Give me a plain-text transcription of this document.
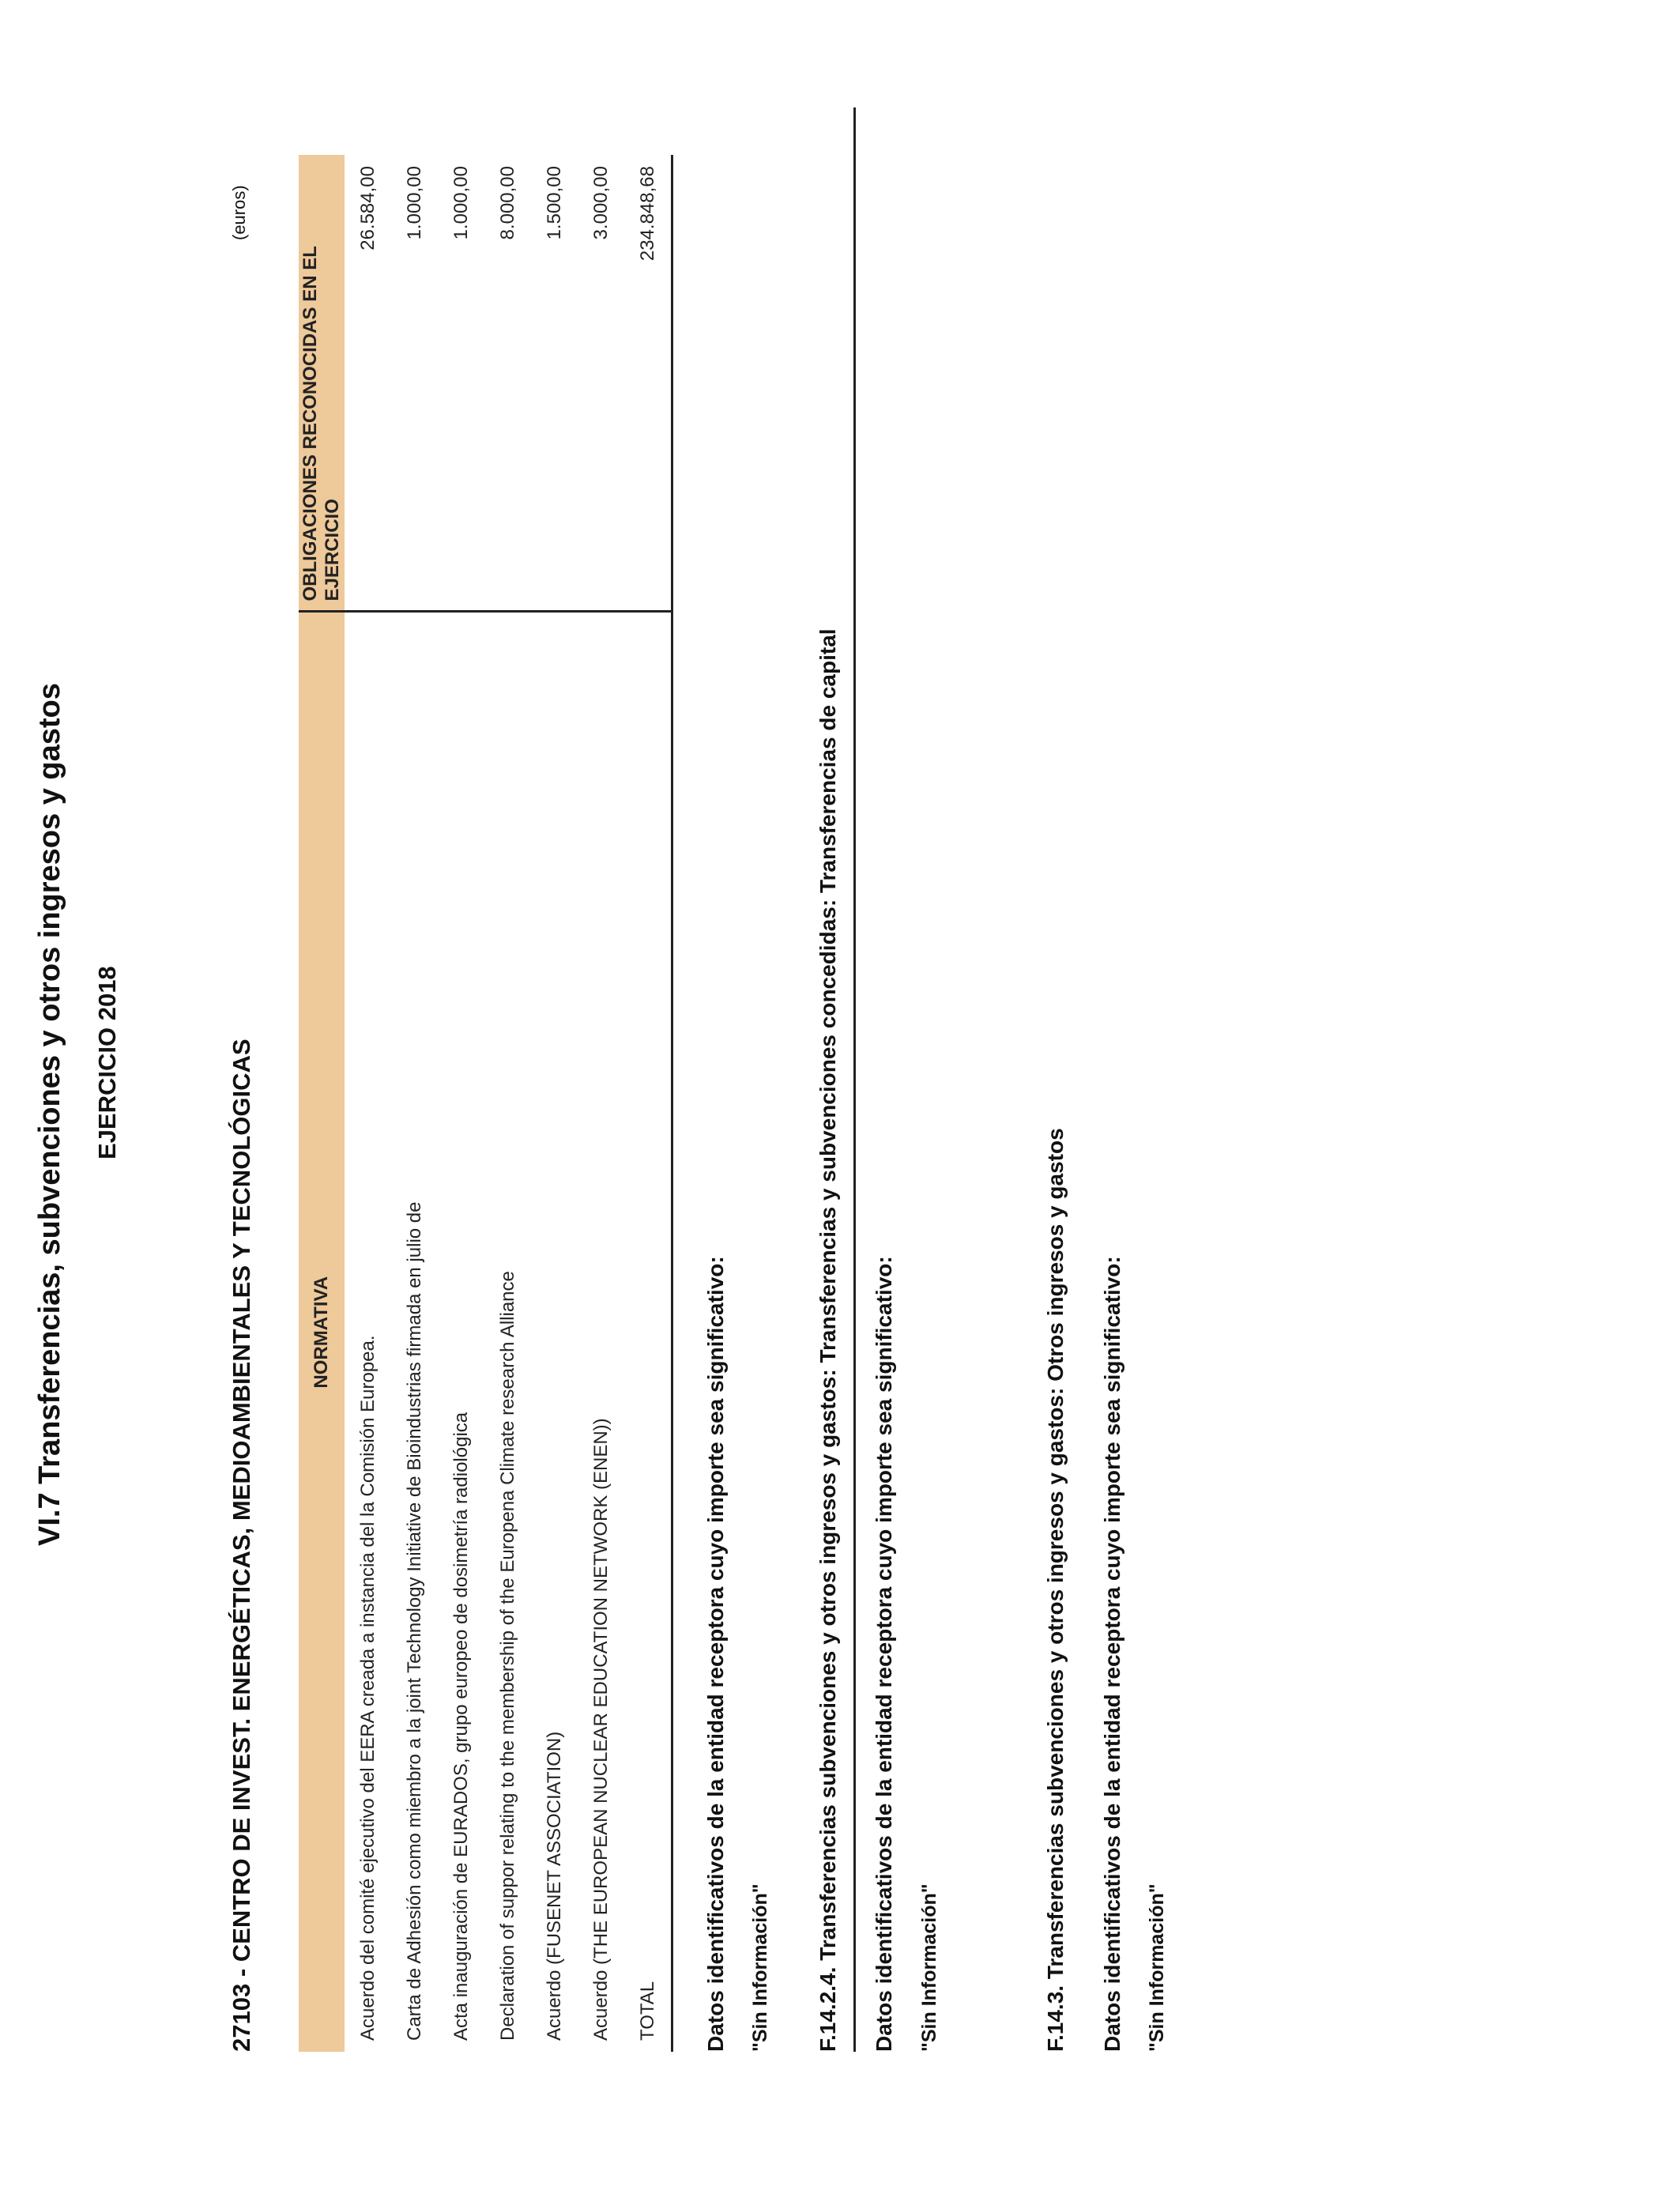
VI.7 Transferencias, subvenciones y otros ingresos y gastos EJERCICIO 2018	27103 - CENTRO DE INVEST. ENERGÉTICAS, MEDIOAMBIENTALES Y TECNOLÓGICAS
(euros)
NORMATIVA	OBLIGACIONES RECONOCIDAS EN EL EJERCICIO
Acuerdo del comité ejecutivo del EERA creada a instancia del la Comisión Europea.	26.584,00
Carta de Adhesión como miembro a la joint Technology Initiative de Bioindustrias firmada en julio de	1.000,00
Acta inauguración de EURADOS, grupo europeo de dosimetría radiológica	1.000,00
Declaration of suppor relating to the membership of the Europena Climate research Alliance	8.000,00
Acuerdo (FUSENET ASSOCIATION)	1.500,00
Acuerdo (THE EUROPEAN NUCLEAR EDUCATION NETWORK (ENEN))	3.000,00
TOTAL	234.848,68
Datos identificativos de la entidad receptora cuyo importe sea significativo: "Sin Información" F.14.2.4. Transferencias subvenciones y otros ingresos y gastos: Transferencias y subvenciones concedidas: Transferencias de capital Datos identificativos de la entidad receptora cuyo importe sea significativo: "Sin Información"	F.14.3. Transferencias subvenciones y otros ingresos y gastos: Otros ingresos y gastos Datos identificativos de la entidad receptora cuyo importe sea significativo: "Sin Información"
